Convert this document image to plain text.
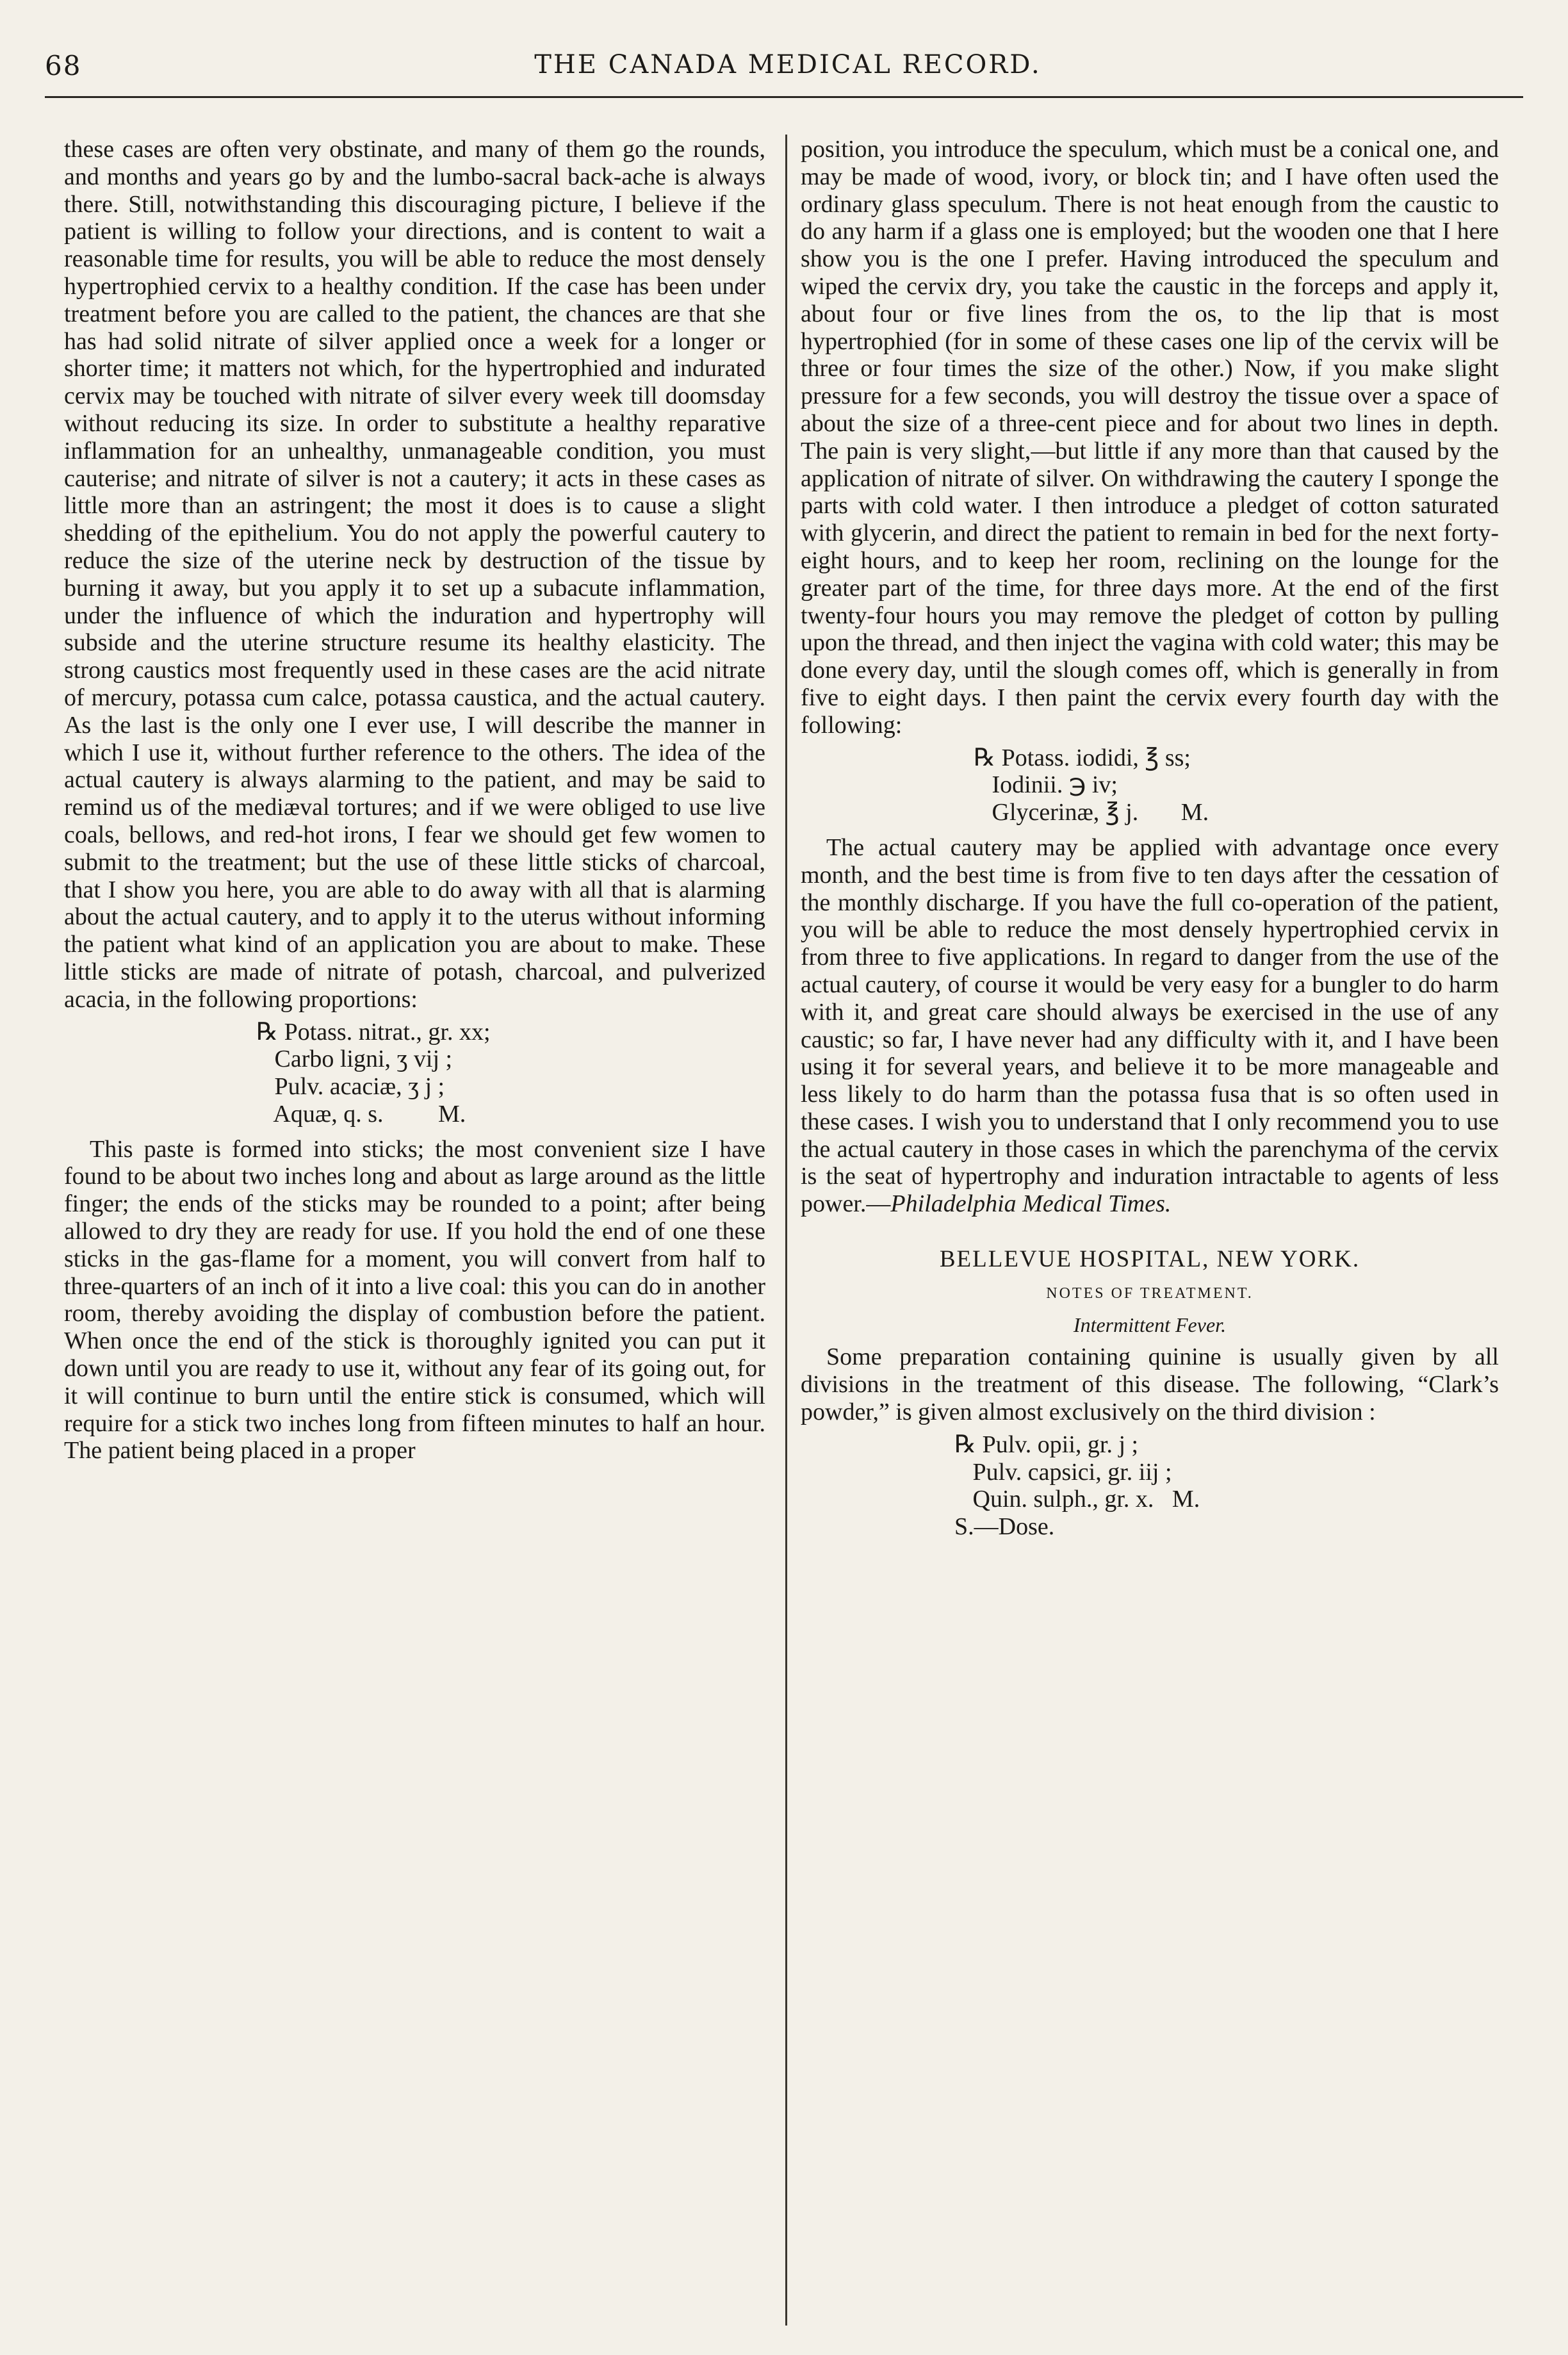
68	THE CANADA MEDICAL RECORD.

these cases are often very obstinate, and many of them go the rounds, and months and years go by and the lumbo-sacral back-ache is always there. Still, notwithstanding this discouraging picture, I believe if the patient is willing to follow your directions, and is content to wait a reasonable time for results, you will be able to reduce the most densely hypertrophied cervix to a healthy condition. If the case has been under treatment before you are called to the patient, the chances are that she has had solid nitrate of silver applied once a week for a longer or shorter time; it matters not which, for the hypertrophied and indurated cervix may be touched with nitrate of silver every week till doomsday without reducing its size. In order to substitute a healthy reparative inflammation for an unhealthy, unmanageable condition, you must cauterise; and nitrate of silver is not a cautery; it acts in these cases as little more than an astringent; the most it does is to cause a slight shedding of the epithelium. You do not apply the powerful cautery to reduce the size of the uterine neck by destruction of the tissue by burning it away, but you apply it to set up a subacute inflammation, under the influence of which the induration and hypertrophy will subside and the uterine structure resume its healthy elasticity. The strong caustics most frequently used in these cases are the acid nitrate of mercury, potassa cum calce, potassa caustica, and the actual cautery. As the last is the only one I ever use, I will describe the manner in which I use it, without further reference to the others. The idea of the actual cautery is always alarming to the patient, and may be said to remind us of the mediæval tortures; and if we were obliged to use live coals, bellows, and red-hot irons, I fear we should get few women to submit to the treatment; but the use of these little sticks of charcoal, that I show you here, you are able to do away with all that is alarming about the actual cautery, and to apply it to the uterus without informing the patient what kind of an application you are about to make. These little sticks are made of nitrate of potash, charcoal, and pulverized acacia, in the following proportions:

℞ Potass. nitrat., gr. xx;
Carbo ligni, ʒ vij ;
Pulv. acaciæ, ʒ j ;
Aquæ, q. s.         M.

This paste is formed into sticks; the most convenient size I have found to be about two inches long and about as large around as the little finger; the ends of the sticks may be rounded to a point; after being allowed to dry they are ready for use. If you hold the end of one these sticks in the gas-flame for a moment, you will convert from half to three-quarters of an inch of it into a live coal: this you can do in another room, thereby avoiding the display of combustion before the patient. When once the end of the stick is thoroughly ignited you can put it down until you are ready to use it, without any fear of its going out, for it will continue to burn until the entire stick is consumed, which will require for a stick two inches long from fifteen minutes to half an hour. The patient being placed in a proper

position, you introduce the speculum, which must be a conical one, and may be made of wood, ivory, or block tin; and I have often used the ordinary glass speculum. There is not heat enough from the caustic to do any harm if a glass one is employed; but the wooden one that I here show you is the one I prefer. Having introduced the speculum and wiped the cervix dry, you take the caustic in the forceps and apply it, about four or five lines from the os, to the lip that is most hypertrophied (for in some of these cases one lip of the cervix will be three or four times the size of the other.) Now, if you make slight pressure for a few seconds, you will destroy the tissue over a space of about the size of a three-cent piece and for about two lines in depth. The pain is very slight,—but little if any more than that caused by the application of nitrate of silver. On withdrawing the cautery I sponge the parts with cold water. I then introduce a pledget of cotton saturated with glycerin, and direct the patient to remain in bed for the next forty-eight hours, and to keep her room, reclining on the lounge for the greater part of the time, for three days more. At the end of the first twenty-four hours you may remove the pledget of cotton by pulling upon the thread, and then inject the vagina with cold water; this may be done every day, until the slough comes off, which is generally in from five to eight days. I then paint the cervix every fourth day with the following:

℞ Potass. iodidi, ℥ ss;
Iodinii. ℈ iv;
Glycerinæ, ℥ j.       M.

The actual cautery may be applied with advantage once every month, and the best time is from five to ten days after the cessation of the monthly discharge. If you have the full co-operation of the patient, you will be able to reduce the most densely hypertrophied cervix in from three to five applications. In regard to danger from the use of the actual cautery, of course it would be very easy for a bungler to do harm with it, and great care should always be exercised in the use of any caustic; so far, I have never had any difficulty with it, and I have been using it for several years, and believe it to be more manageable and less likely to do harm than the potassa fusa that is so often used in these cases. I wish you to understand that I only recommend you to use the actual cautery in those cases in which the parenchyma of the cervix is the seat of hypertrophy and induration intractable to agents of less power.—Philadelphia Medical Times.

BELLEVUE HOSPITAL, NEW YORK.
NOTES OF TREATMENT.
Intermittent Fever.

Some preparation containing quinine is usually given by all divisions in the treatment of this disease. The following, “Clark’s powder,” is given almost exclusively on the third division :

℞ Pulv. opii, gr. j ;
Pulv. capsici, gr. iij ;
Quin. sulph., gr. x.   M.
S.—Dose.
